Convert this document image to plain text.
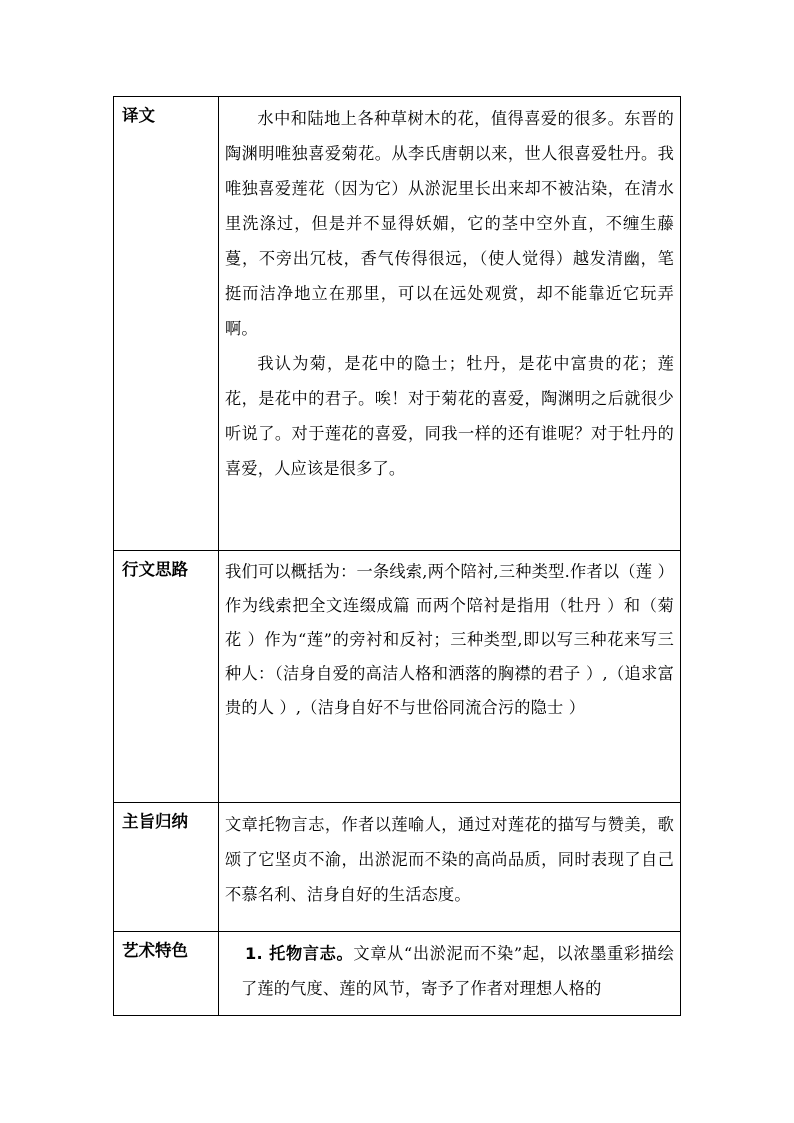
译文	水中和陆地上各种草树木的花，值得喜爱的很多。东晋的陶渊明唯独喜爱菊花。从李氏唐朝以来，世人很喜爱牡丹。我唯独喜爱莲花（因为它）从淤泥里长出来却不被沾染，在清水里洗涤过，但是并不显得妖媚，它的茎中空外直，不缠生藤蔓，不旁出冗枝，香气传得很远，（使人觉得）越发清幽，笔挺而洁净地立在那里，可以在远处观赏，却不能靠近它玩弄啊。

我认为菊，是花中的隐士；牡丹，是花中富贵的花；莲花，是花中的君子。唉！对于菊花的喜爱，陶渊明之后就很少听说了。对于莲花的喜爱，同我一样的还有谁呢？对于牡丹的喜爱，人应该是很多了。

行文思路	我们可以概括为：一条线索,两个陪衬,三种类型.作者以（莲 ）作为线索把全文连缀成篇 而两个陪衬是指用（牡丹 ）和（菊花 ）作为“莲”的旁衬和反衬；三种类型,即以写三种花来写三种人：（洁身自爱的高洁人格和洒落的胸襟的君子 ）,（追求富贵的人 ）,（洁身自好不与世俗同流合污的隐士 ）

主旨归纳	文章托物言志，作者以莲喻人，通过对莲花的描写与赞美，歌颂了它坚贞不渝，出淤泥而不染的高尚品质，同时表现了自己不慕名利、洁身自好的生活态度。

艺术特色	1. 托物言志。文章从“出淤泥而不染”起，以浓墨重彩描绘了莲的气度、莲的风节，寄予了作者对理想人格的
